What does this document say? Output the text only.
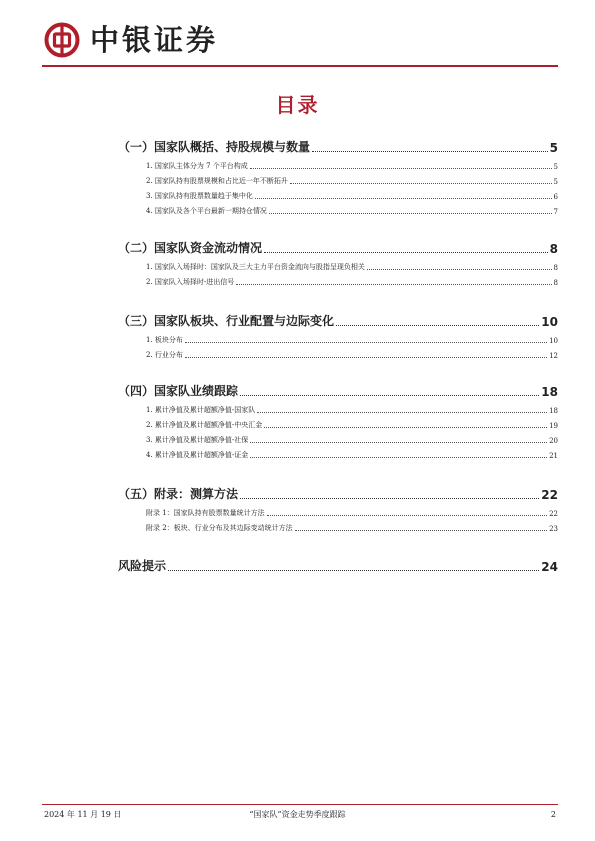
中银证券
目录
（一）国家队概括、持股规模与数量	5
1. 国家队主体分为 7 个平台构成	5
2. 国家队持有股票规模和占比近一年不断拓升	5
3. 国家队持有股票数量趋于集中化	6
4. 国家队及各个平台最新一期持仓情况	7
（二）国家队资金流动情况	8
1. 国家队入场择时：国家队及三大主力平台资金流向与股指呈现负相关	8
2. 国家队入场择时-进出信号	8
（三）国家队板块、行业配置与边际变化	10
1. 板块分布	10
2. 行业分布	12
（四）国家队业绩跟踪	18
1. 累计净值及累计超额净值-国家队	18
2. 累计净值及累计超额净值-中央汇金	19
3. 累计净值及累计超额净值-社保	20
4. 累计净值及累计超额净值-证金	21
（五）附录：测算方法	22
附录 1：国家队持有股票数量统计方法	22
附录 2：板块、行业分布及其边际变动统计方法	23
风险提示	24
2024 年 11 月 19 日	“国家队”资金走势季度跟踪	2
